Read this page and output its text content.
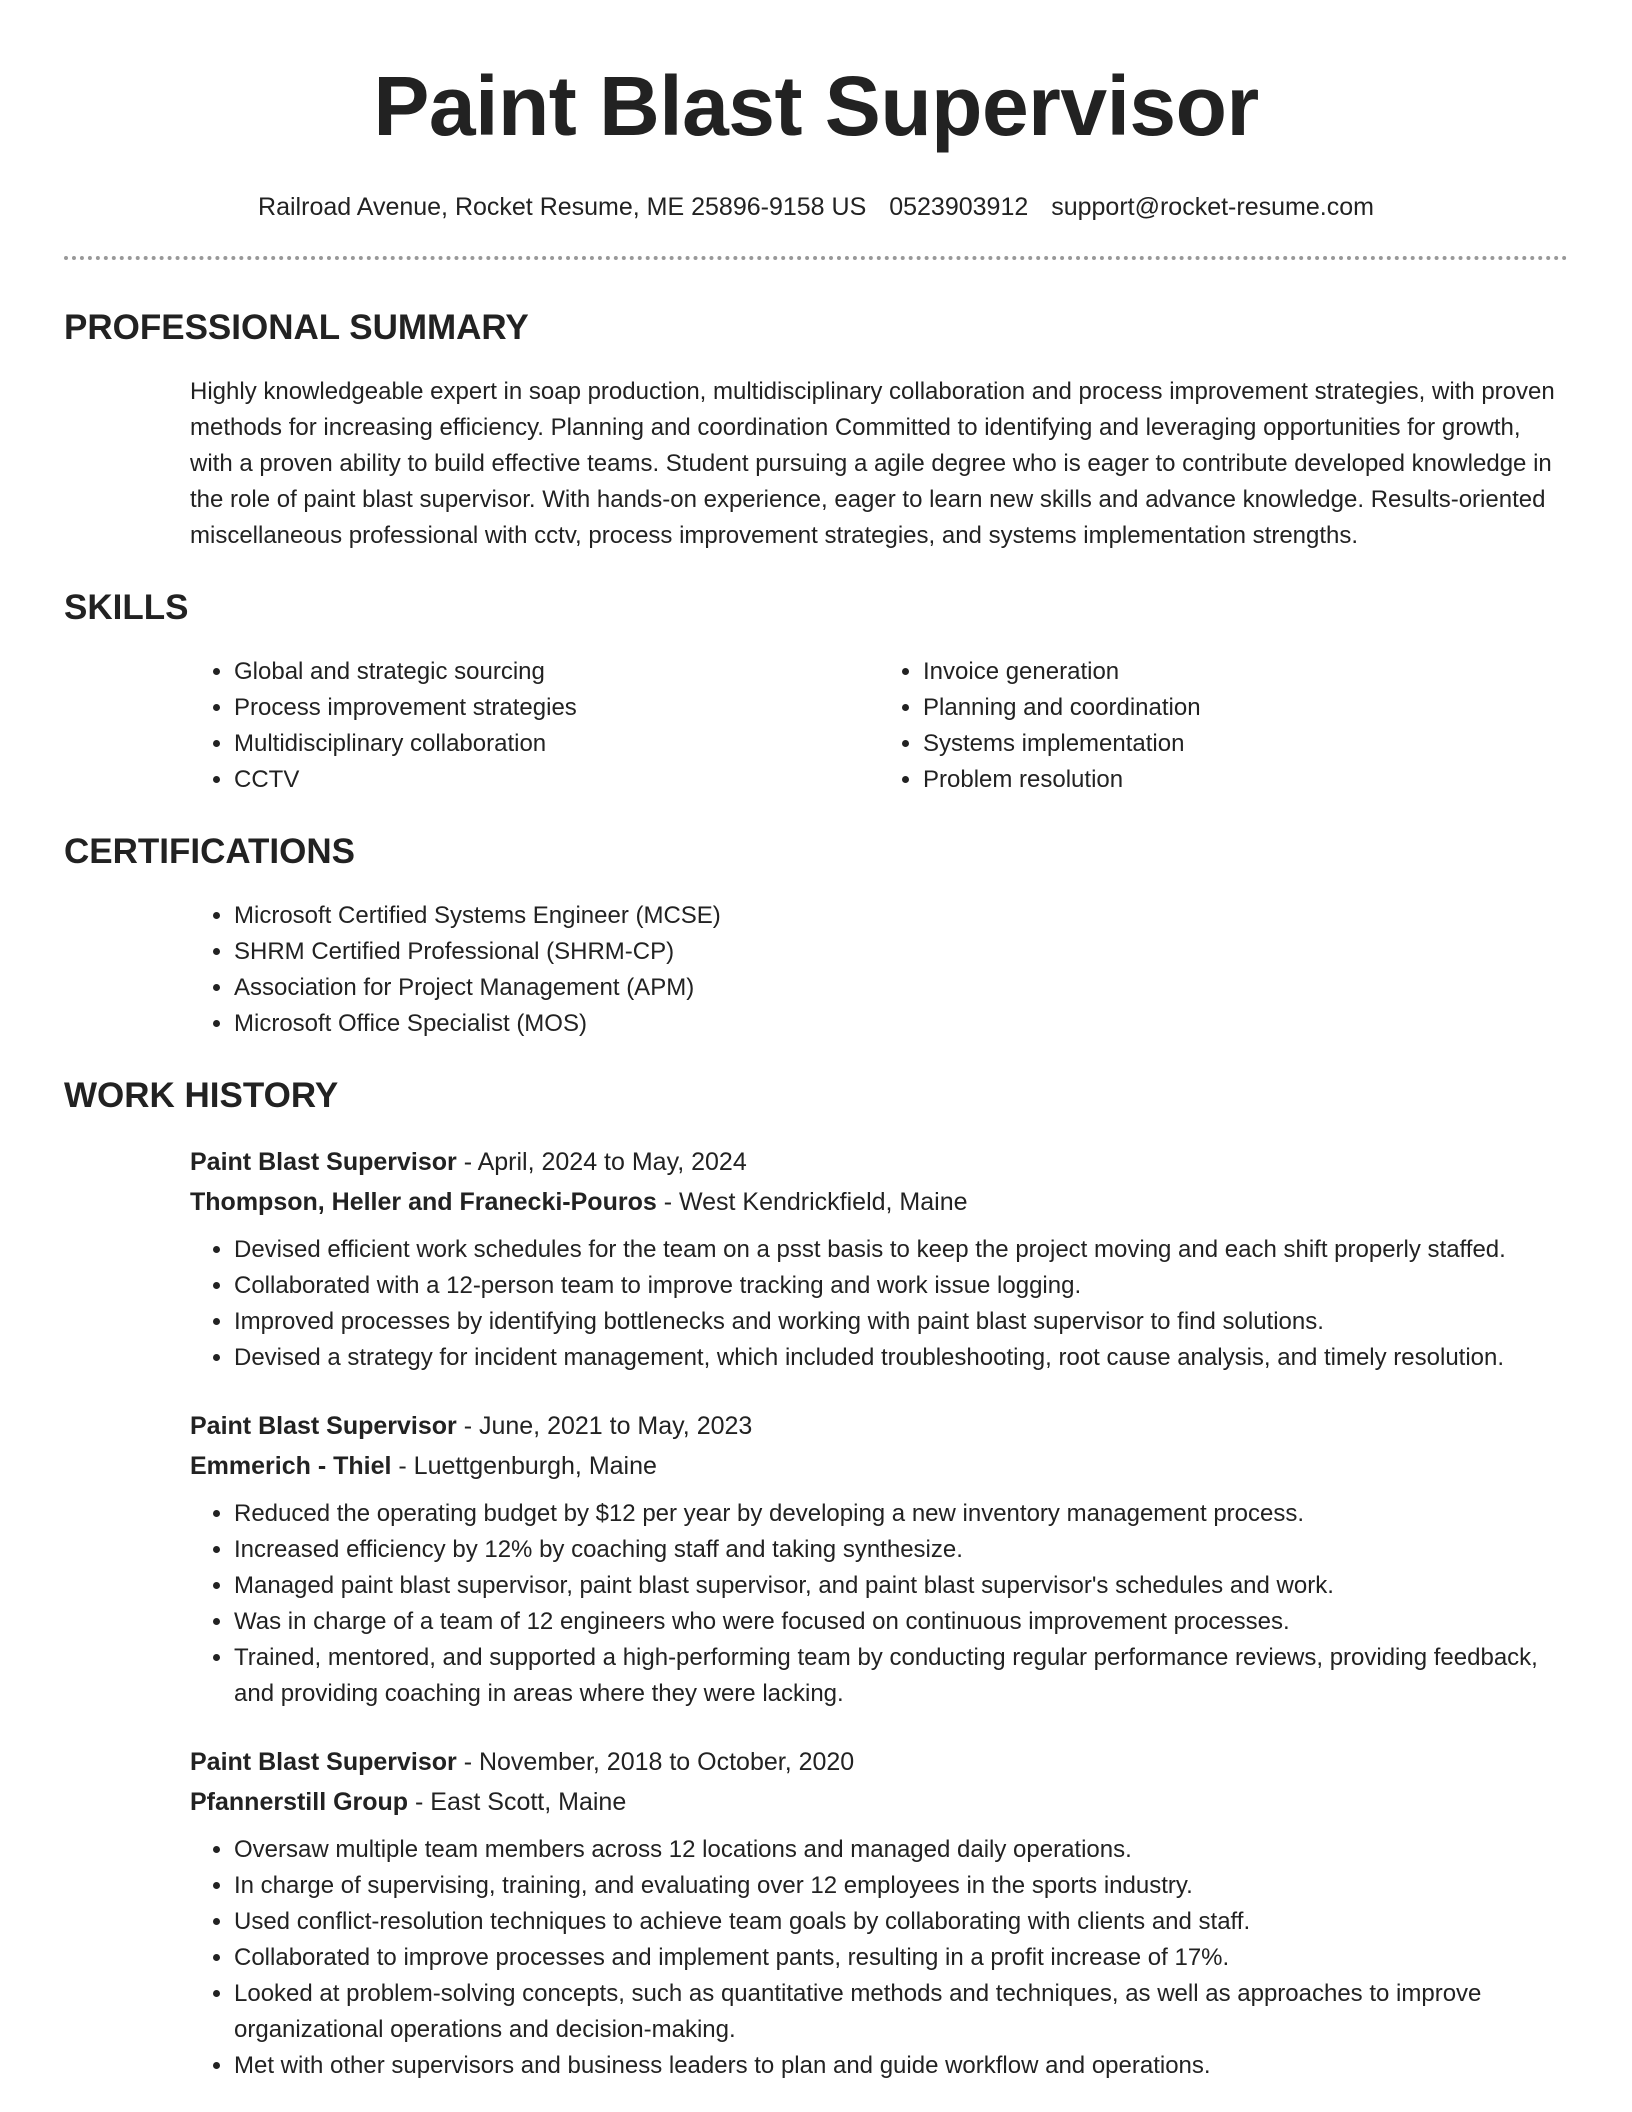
Paint Blast Supervisor
Railroad Avenue, Rocket Resume, ME 25896-9158 US 0523903912 support@rocket-resume.com
PROFESSIONAL SUMMARY
Highly knowledgeable expert in soap production, multidisciplinary collaboration and process improvement strategies, with proven methods for increasing efficiency. Planning and coordination Committed to identifying and leveraging opportunities for growth, with a proven ability to build effective teams. Student pursuing a agile degree who is eager to contribute developed knowledge in the role of paint blast supervisor. With hands-on experience, eager to learn new skills and advance knowledge. Results-oriented miscellaneous professional with cctv, process improvement strategies, and systems implementation strengths.
SKILLS
• Global and strategic sourcing
• Process improvement strategies
• Multidisciplinary collaboration
• CCTV
• Invoice generation
• Planning and coordination
• Systems implementation
• Problem resolution
CERTIFICATIONS
• Microsoft Certified Systems Engineer (MCSE)
• SHRM Certified Professional (SHRM-CP)
• Association for Project Management (APM)
• Microsoft Office Specialist (MOS)
WORK HISTORY
Paint Blast Supervisor - April, 2024 to May, 2024
Thompson, Heller and Franecki-Pouros - West Kendrickfield, Maine
• Devised efficient work schedules for the team on a psst basis to keep the project moving and each shift properly staffed.
• Collaborated with a 12-person team to improve tracking and work issue logging.
• Improved processes by identifying bottlenecks and working with paint blast supervisor to find solutions.
• Devised a strategy for incident management, which included troubleshooting, root cause analysis, and timely resolution.
Paint Blast Supervisor - June, 2021 to May, 2023
Emmerich - Thiel - Luettgenburgh, Maine
• Reduced the operating budget by $12 per year by developing a new inventory management process.
• Increased efficiency by 12% by coaching staff and taking synthesize.
• Managed paint blast supervisor, paint blast supervisor, and paint blast supervisor's schedules and work.
• Was in charge of a team of 12 engineers who were focused on continuous improvement processes.
• Trained, mentored, and supported a high-performing team by conducting regular performance reviews, providing feedback, and providing coaching in areas where they were lacking.
Paint Blast Supervisor - November, 2018 to October, 2020
Pfannerstill Group - East Scott, Maine
• Oversaw multiple team members across 12 locations and managed daily operations.
• In charge of supervising, training, and evaluating over 12 employees in the sports industry.
• Used conflict-resolution techniques to achieve team goals by collaborating with clients and staff.
• Collaborated to improve processes and implement pants, resulting in a profit increase of 17%.
• Looked at problem-solving concepts, such as quantitative methods and techniques, as well as approaches to improve organizational operations and decision-making.
• Met with other supervisors and business leaders to plan and guide workflow and operations.
